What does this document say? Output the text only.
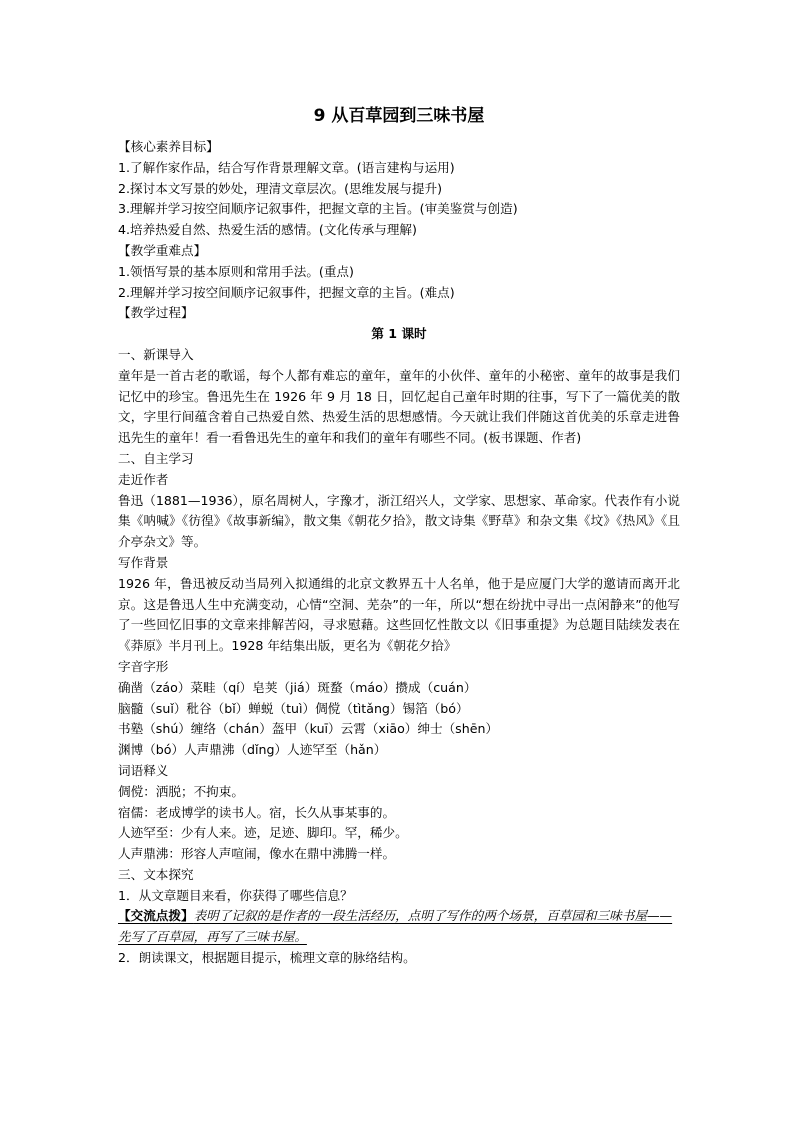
9 从百草园到三味书屋

【核心素养目标】

1.了解作家作品，结合写作背景理解文章。(语言建构与运用)

2.探讨本文写景的妙处，理清文章层次。(思维发展与提升)

3.理解并学习按空间顺序记叙事件，把握文章的主旨。(审美鉴赏与创造)

4.培养热爱自然、热爱生活的感情。(文化传承与理解)

【教学重难点】

1.领悟写景的基本原则和常用手法。(重点)

2.理解并学习按空间顺序记叙事件，把握文章的主旨。(难点)

【教学过程】

第 1 课时

一、新课导入

童年是一首古老的歌谣，每个人都有难忘的童年，童年的小伙伴、童年的小秘密、童年的故事是我们记忆中的珍宝。鲁迅先生在 1926 年 9 月 18 日，回忆起自己童年时期的往事，写下了一篇优美的散文，字里行间蕴含着自己热爱自然、热爱生活的思想感情。今天就让我们伴随这首优美的乐章走进鲁迅先生的童年！看一看鲁迅先生的童年和我们的童年有哪些不同。(板书课题、作者)

二、自主学习

走近作者

鲁迅（1881—1936），原名周树人，字豫才，浙江绍兴人，文学家、思想家、革命家。代表作有小说集《呐喊》《彷徨》《故事新编》，散文集《朝花夕拾》，散文诗集《野草》和杂文集《坟》《热风》《且介亭杂文》等。

写作背景

1926 年，鲁迅被反动当局列入拟通缉的北京文教界五十人名单，他于是应厦门大学的邀请而离开北京。这是鲁迅人生中充满变动，心情“空洞、芜杂”的一年，所以“想在纷扰中寻出一点闲静来”的他写了一些回忆旧事的文章来排解苦闷，寻求慰藉。这些回忆性散文以《旧事重提》为总题目陆续发表在《莽原》半月刊上。1928 年结集出版，更名为《朝花夕拾》

字音字形

确凿（záo）菜畦（qí）皂荚（jiá）斑蝥（máo）攒成（cuán）

脑髓（suǐ）秕谷（bǐ）蝉蜕（tuì）倜傥（tìtǎng）锡箔（bó）

书塾（shú）缠络（chán）盔甲（kuī）云霄（xiāo）绅士（shēn）

渊博（bó）人声鼎沸（dǐng）人迹罕至（hǎn）

词语释义

倜傥：洒脱；不拘束。

宿儒：老成博学的读书人。宿，长久从事某事的。

人迹罕至：少有人来。迹，足迹、脚印。罕，稀少。

人声鼎沸：形容人声喧闹，像水在鼎中沸腾一样。

三、文本探究

1．从文章题目来看，你获得了哪些信息？

【交流点拨】表明了记叙的是作者的一段生活经历，点明了写作的两个场景，百草园和三味书屋——先写了百草园，再写了三味书屋。

2．朗读课文，根据题目提示，梳理文章的脉络结构。
